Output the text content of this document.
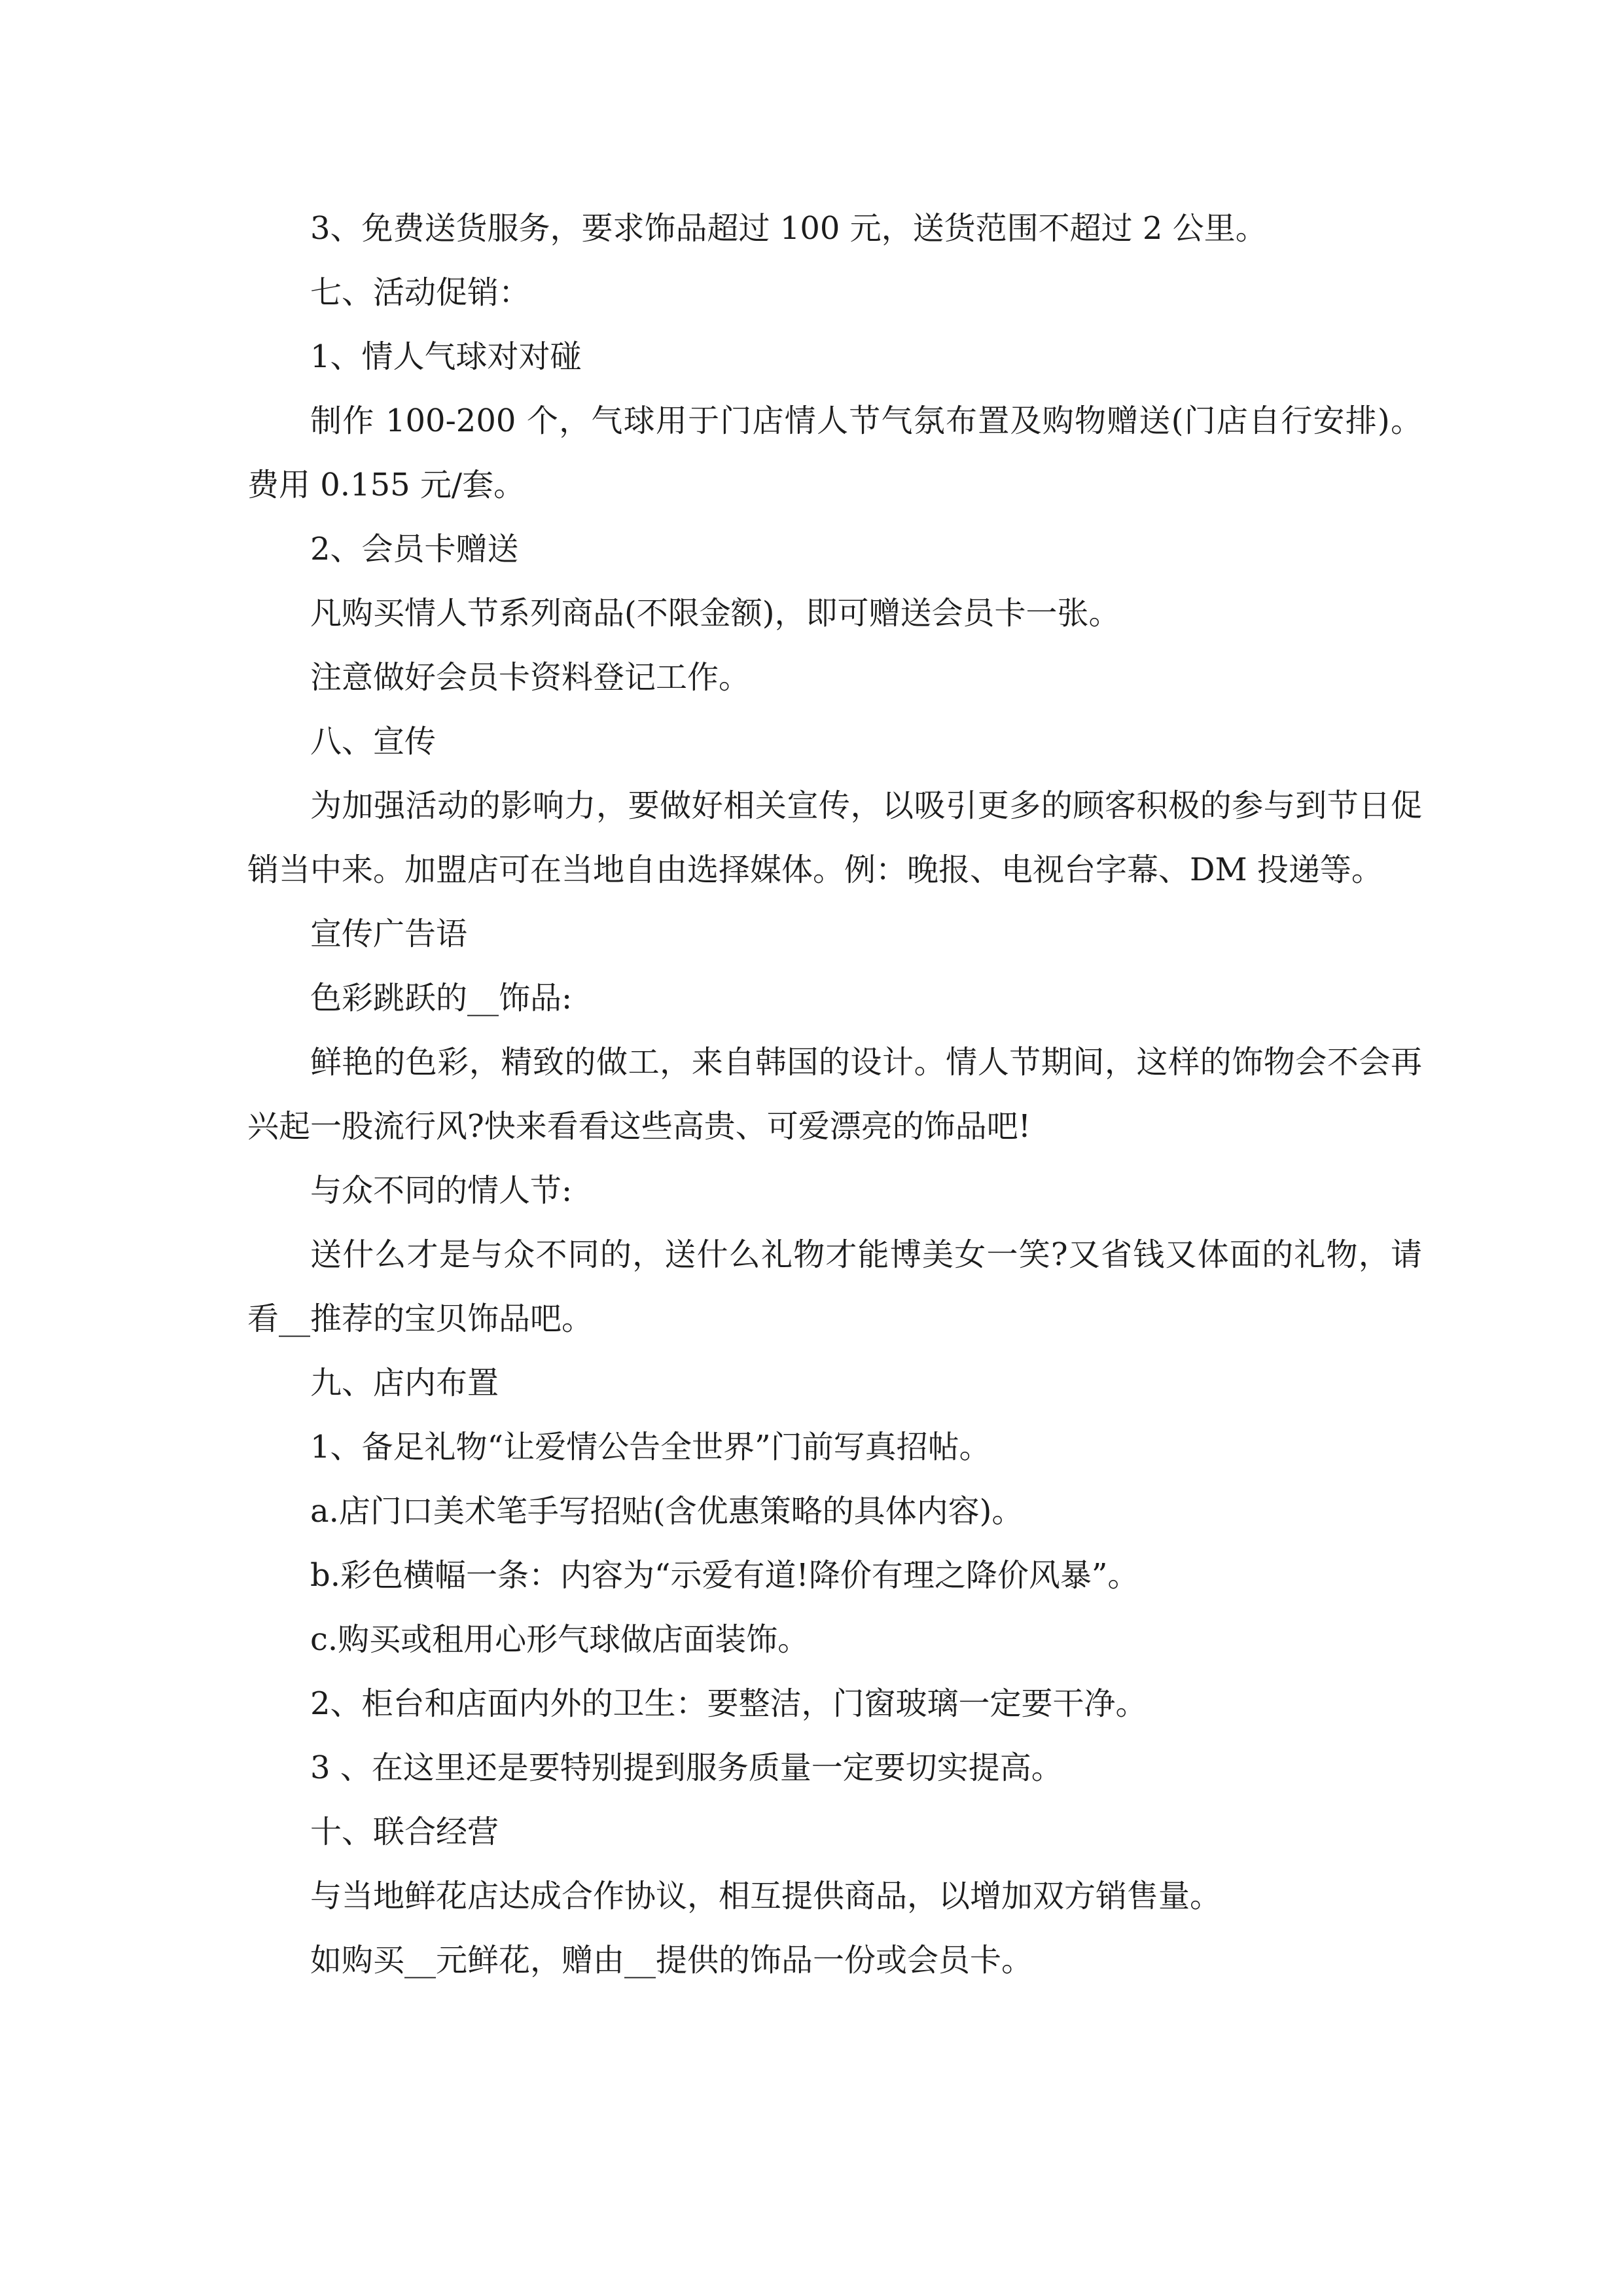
3、免费送货服务，要求饰品超过 100 元，送货范围不超过 2 公里。

七、活动促销：

1、情人气球对对碰

制作 100-200 个，气球用于门店情人节气氛布置及购物赠送(门店自行安排)。费用 0.155 元/套。

2、会员卡赠送

凡购买情人节系列商品(不限金额)，即可赠送会员卡一张。

注意做好会员卡资料登记工作。

八、宣传

为加强活动的影响力，要做好相关宣传，以吸引更多的顾客积极的参与到节日促销当中来。加盟店可在当地自由选择媒体。例：晚报、电视台字幕、DM 投递等。

宣传广告语

色彩跳跃的__饰品:

鲜艳的色彩，精致的做工，来自韩国的设计。情人节期间，这样的饰物会不会再兴起一股流行风?快来看看这些高贵、可爱漂亮的饰品吧!

与众不同的情人节:

送什么才是与众不同的，送什么礼物才能博美女一笑?又省钱又体面的礼物，请看__推荐的宝贝饰品吧。

九、店内布置

1、备足礼物“让爱情公告全世界”门前写真招帖。

a.店门口美术笔手写招贴(含优惠策略的具体内容)。

b.彩色横幅一条：内容为“示爱有道!降价有理之降价风暴”。

c.购买或租用心形气球做店面装饰。

2、柜台和店面内外的卫生：要整洁，门窗玻璃一定要干净。

3 、在这里还是要特别提到服务质量一定要切实提高。

十、联合经营

与当地鲜花店达成合作协议，相互提供商品，以增加双方销售量。

如购买__元鲜花，赠由__提供的饰品一份或会员卡。
